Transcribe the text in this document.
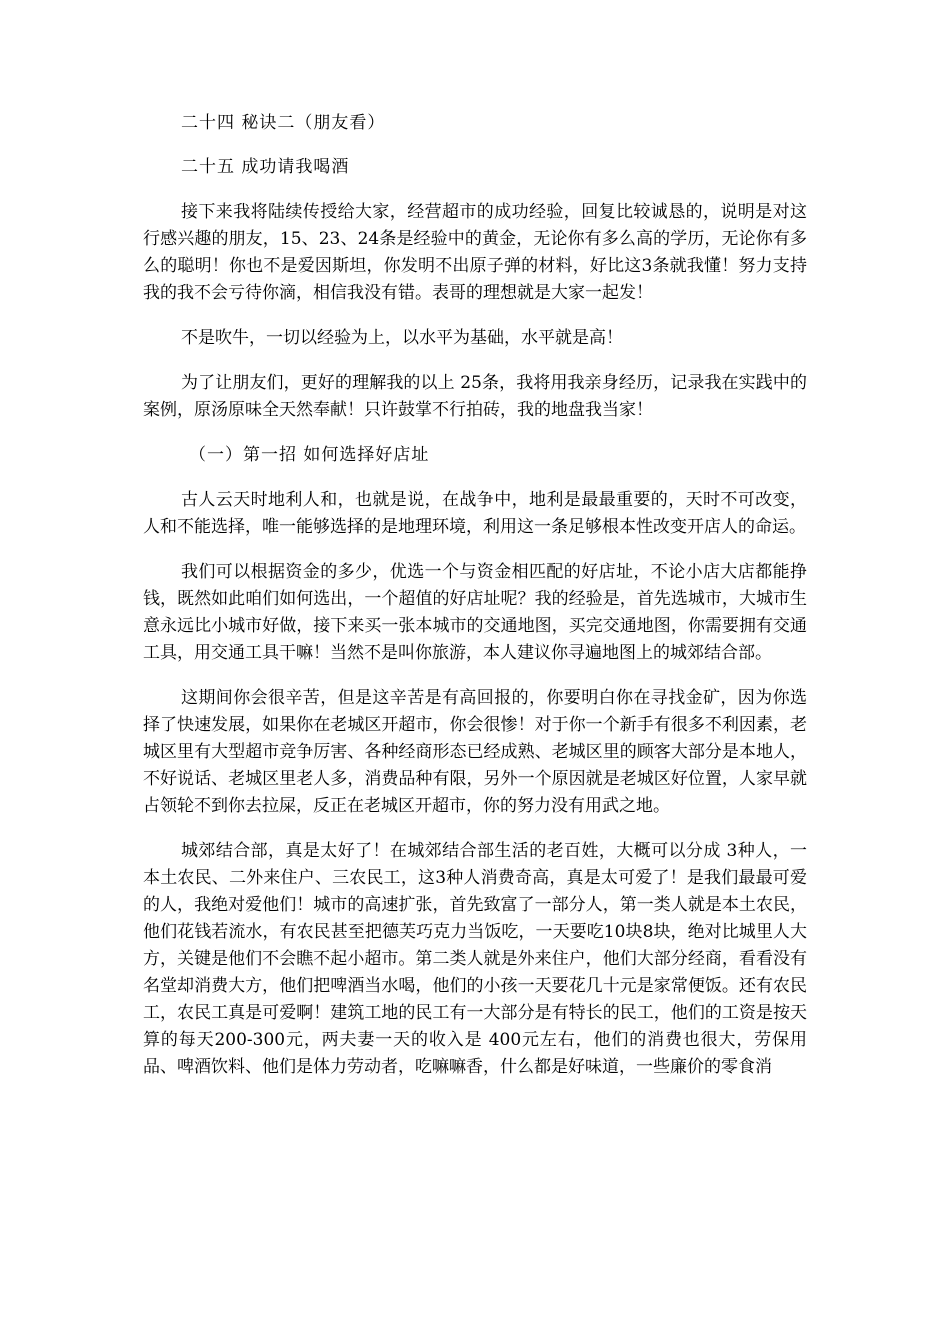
二十四 秘诀二（朋友看）

二十五 成功请我喝酒

接下来我将陆续传授给大家，经营超市的成功经验，回复比较诚恳的，说明是对这行感兴趣的朋友，15、23、24条是经验中的黄金，无论你有多么高的学历，无论你有多么的聪明！你也不是爱因斯坦，你发明不出原子弹的材料，好比这3条就我懂！努力支持我的我不会亏待你滴，相信我没有错。表哥的理想就是大家一起发！

不是吹牛，一切以经验为上，以水平为基础，水平就是高！

为了让朋友们，更好的理解我的以上 25条，我将用我亲身经历，记录我在实践中的案例，原汤原味全天然奉献！只许鼓掌不行拍砖，我的地盘我当家！

（一）第一招 如何选择好店址

古人云天时地利人和，也就是说，在战争中，地利是最最重要的，天时不可改变，人和不能选择，唯一能够选择的是地理环境，利用这一条足够根本性改变开店人的命运。

我们可以根据资金的多少，优选一个与资金相匹配的好店址，不论小店大店都能挣钱，既然如此咱们如何选出，一个超值的好店址呢？我的经验是，首先选城市，大城市生意永远比小城市好做，接下来买一张本城市的交通地图，买完交通地图，你需要拥有交通工具，用交通工具干嘛！当然不是叫你旅游，本人建议你寻遍地图上的城郊结合部。

这期间你会很辛苦，但是这辛苦是有高回报的，你要明白你在寻找金矿，因为你选择了快速发展，如果你在老城区开超市，你会很惨！对于你一个新手有很多不利因素，老城区里有大型超市竞争厉害、各种经商形态已经成熟、老城区里的顾客大部分是本地人，不好说话、老城区里老人多，消费品种有限，另外一个原因就是老城区好位置，人家早就占领轮不到你去拉屎，反正在老城区开超市，你的努力没有用武之地。

城郊结合部，真是太好了！在城郊结合部生活的老百姓，大概可以分成 3种人，一本土农民、二外来住户、三农民工，这3种人消费奇高，真是太可爱了！是我们最最可爱的人，我绝对爱他们！城市的高速扩张，首先致富了一部分人，第一类人就是本土农民，他们花钱若流水，有农民甚至把德芙巧克力当饭吃，一天要吃10块8块，绝对比城里人大方，关键是他们不会瞧不起小超市。第二类人就是外来住户，他们大部分经商，看看没有名堂却消费大方，他们把啤酒当水喝，他们的小孩一天要花几十元是家常便饭。还有农民工，农民工真是可爱啊！建筑工地的民工有一大部分是有特长的民工，他们的工资是按天算的每天200-300元，两夫妻一天的收入是 400元左右，他们的消费也很大，劳保用品、啤酒饮料、他们是体力劳动者，吃嘛嘛香，什么都是好味道，一些廉价的零食消
